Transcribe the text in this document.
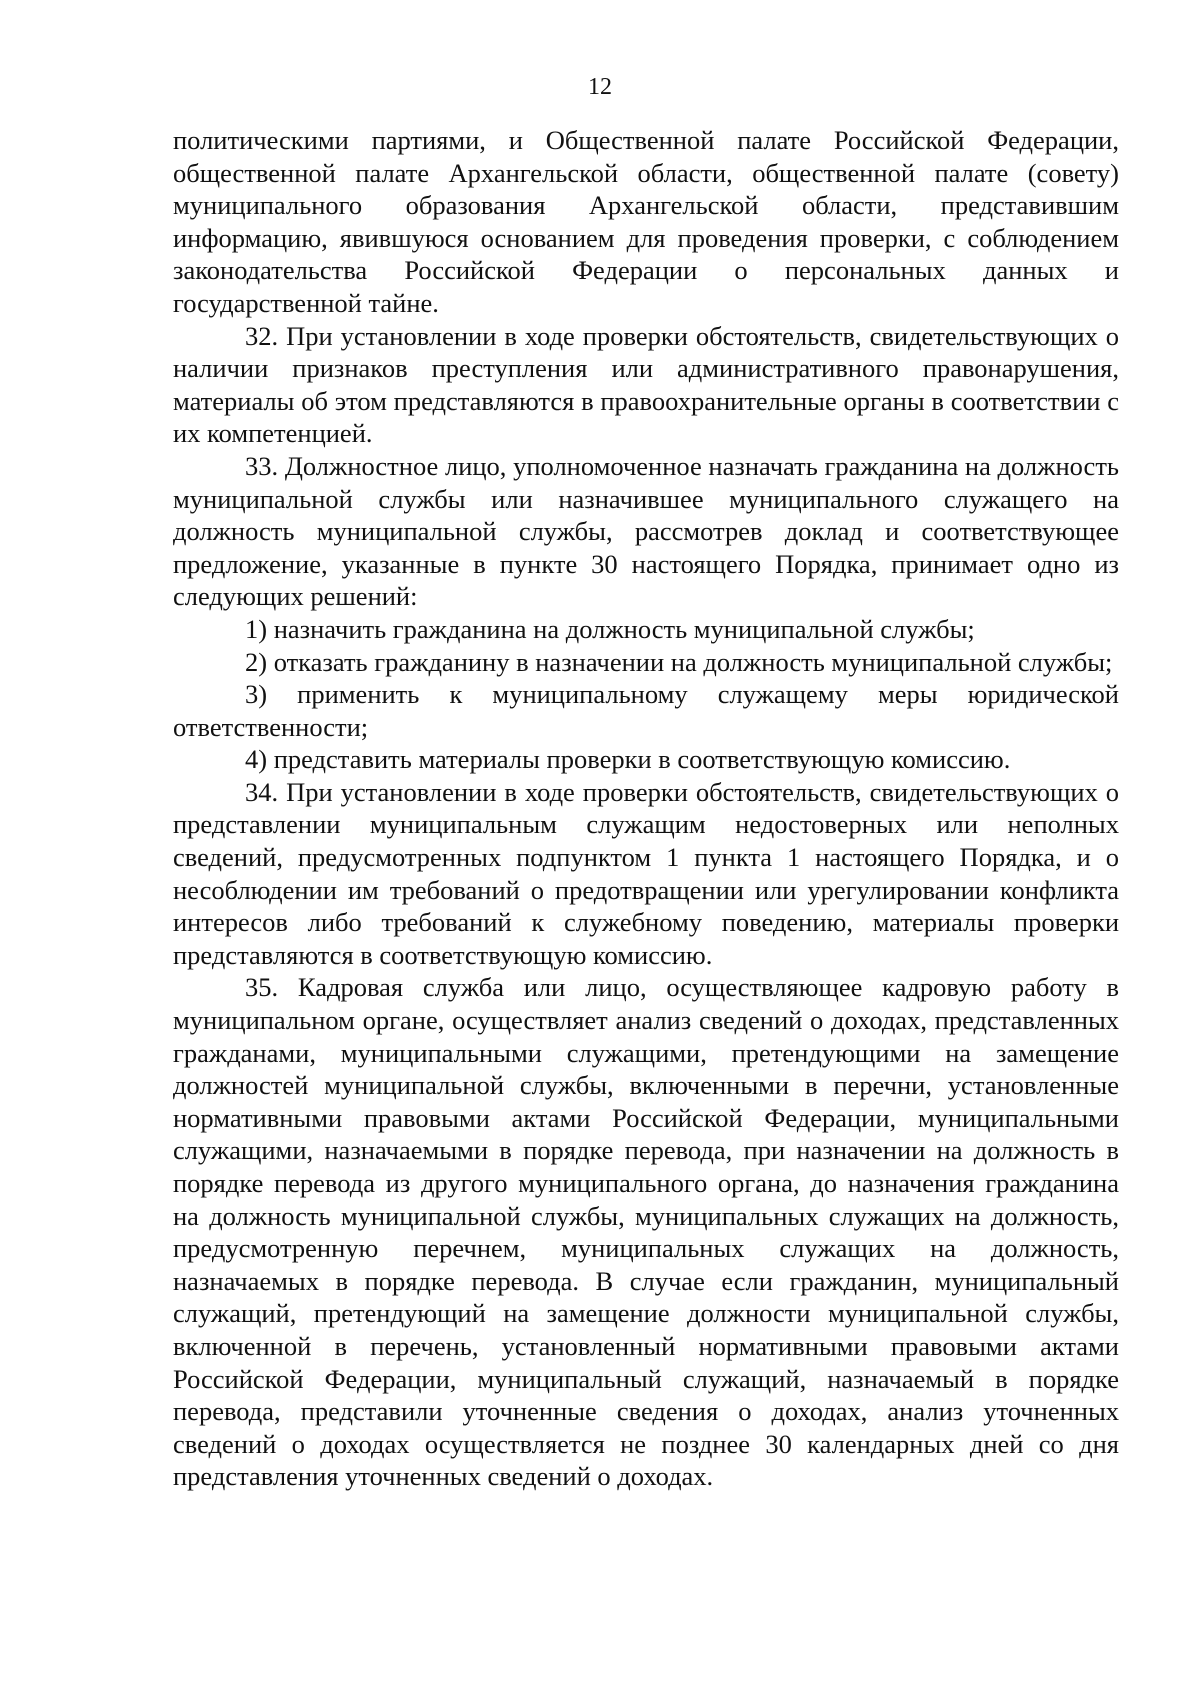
12

политическими партиями, и Общественной палате Российской Федерации, общественной палате Архангельской области, общественной палате (совету) муниципального образования Архангельской области, представившим информацию, явившуюся основанием для проведения проверки, с соблюдением законодательства Российской Федерации о персональных данных и государственной тайне.

32. При установлении в ходе проверки обстоятельств, свидетельствующих о наличии признаков преступления или административного правонарушения, материалы об этом представляются в правоохранительные органы в соответствии с их компетенцией.

33. Должностное лицо, уполномоченное назначать гражданина на должность муниципальной службы или назначившее муниципального служащего на должность муниципальной службы, рассмотрев доклад и соответствующее предложение, указанные в пункте 30 настоящего Порядка, принимает одно из следующих решений:

1) назначить гражданина на должность муниципальной службы;

2) отказать гражданину в назначении на должность муниципальной службы;

3) применить к муниципальному служащему меры юридической ответственности;

4) представить материалы проверки в соответствующую комиссию.

34. При установлении в ходе проверки обстоятельств, свидетельствующих о представлении муниципальным служащим недостоверных или неполных сведений, предусмотренных подпунктом 1 пункта 1 настоящего Порядка, и о несоблюдении им требований о предотвращении или урегулировании конфликта интересов либо требований к служебному поведению, материалы проверки представляются в соответствующую комиссию.

35. Кадровая служба или лицо, осуществляющее кадровую работу в муниципальном органе, осуществляет анализ сведений о доходах, представленных гражданами, муниципальными служащими, претендующими на замещение должностей муниципальной службы, включенными в перечни, установленные нормативными правовыми актами Российской Федерации, муниципальными служащими, назначаемыми в порядке перевода, при назначении на должность в порядке перевода из другого муниципального органа, до назначения гражданина на должность муниципальной службы, муниципальных служащих на должность, предусмотренную перечнем, муниципальных служащих на должность, назначаемых в порядке перевода. В случае если гражданин, муниципальный служащий, претендующий на замещение должности муниципальной службы, включенной в перечень, установленный нормативными правовыми актами Российской Федерации, муниципальный служащий, назначаемый в порядке перевода, представили уточненные сведения о доходах, анализ уточненных сведений о доходах осуществляется не позднее 30 календарных дней со дня представления уточненных сведений о доходах.
